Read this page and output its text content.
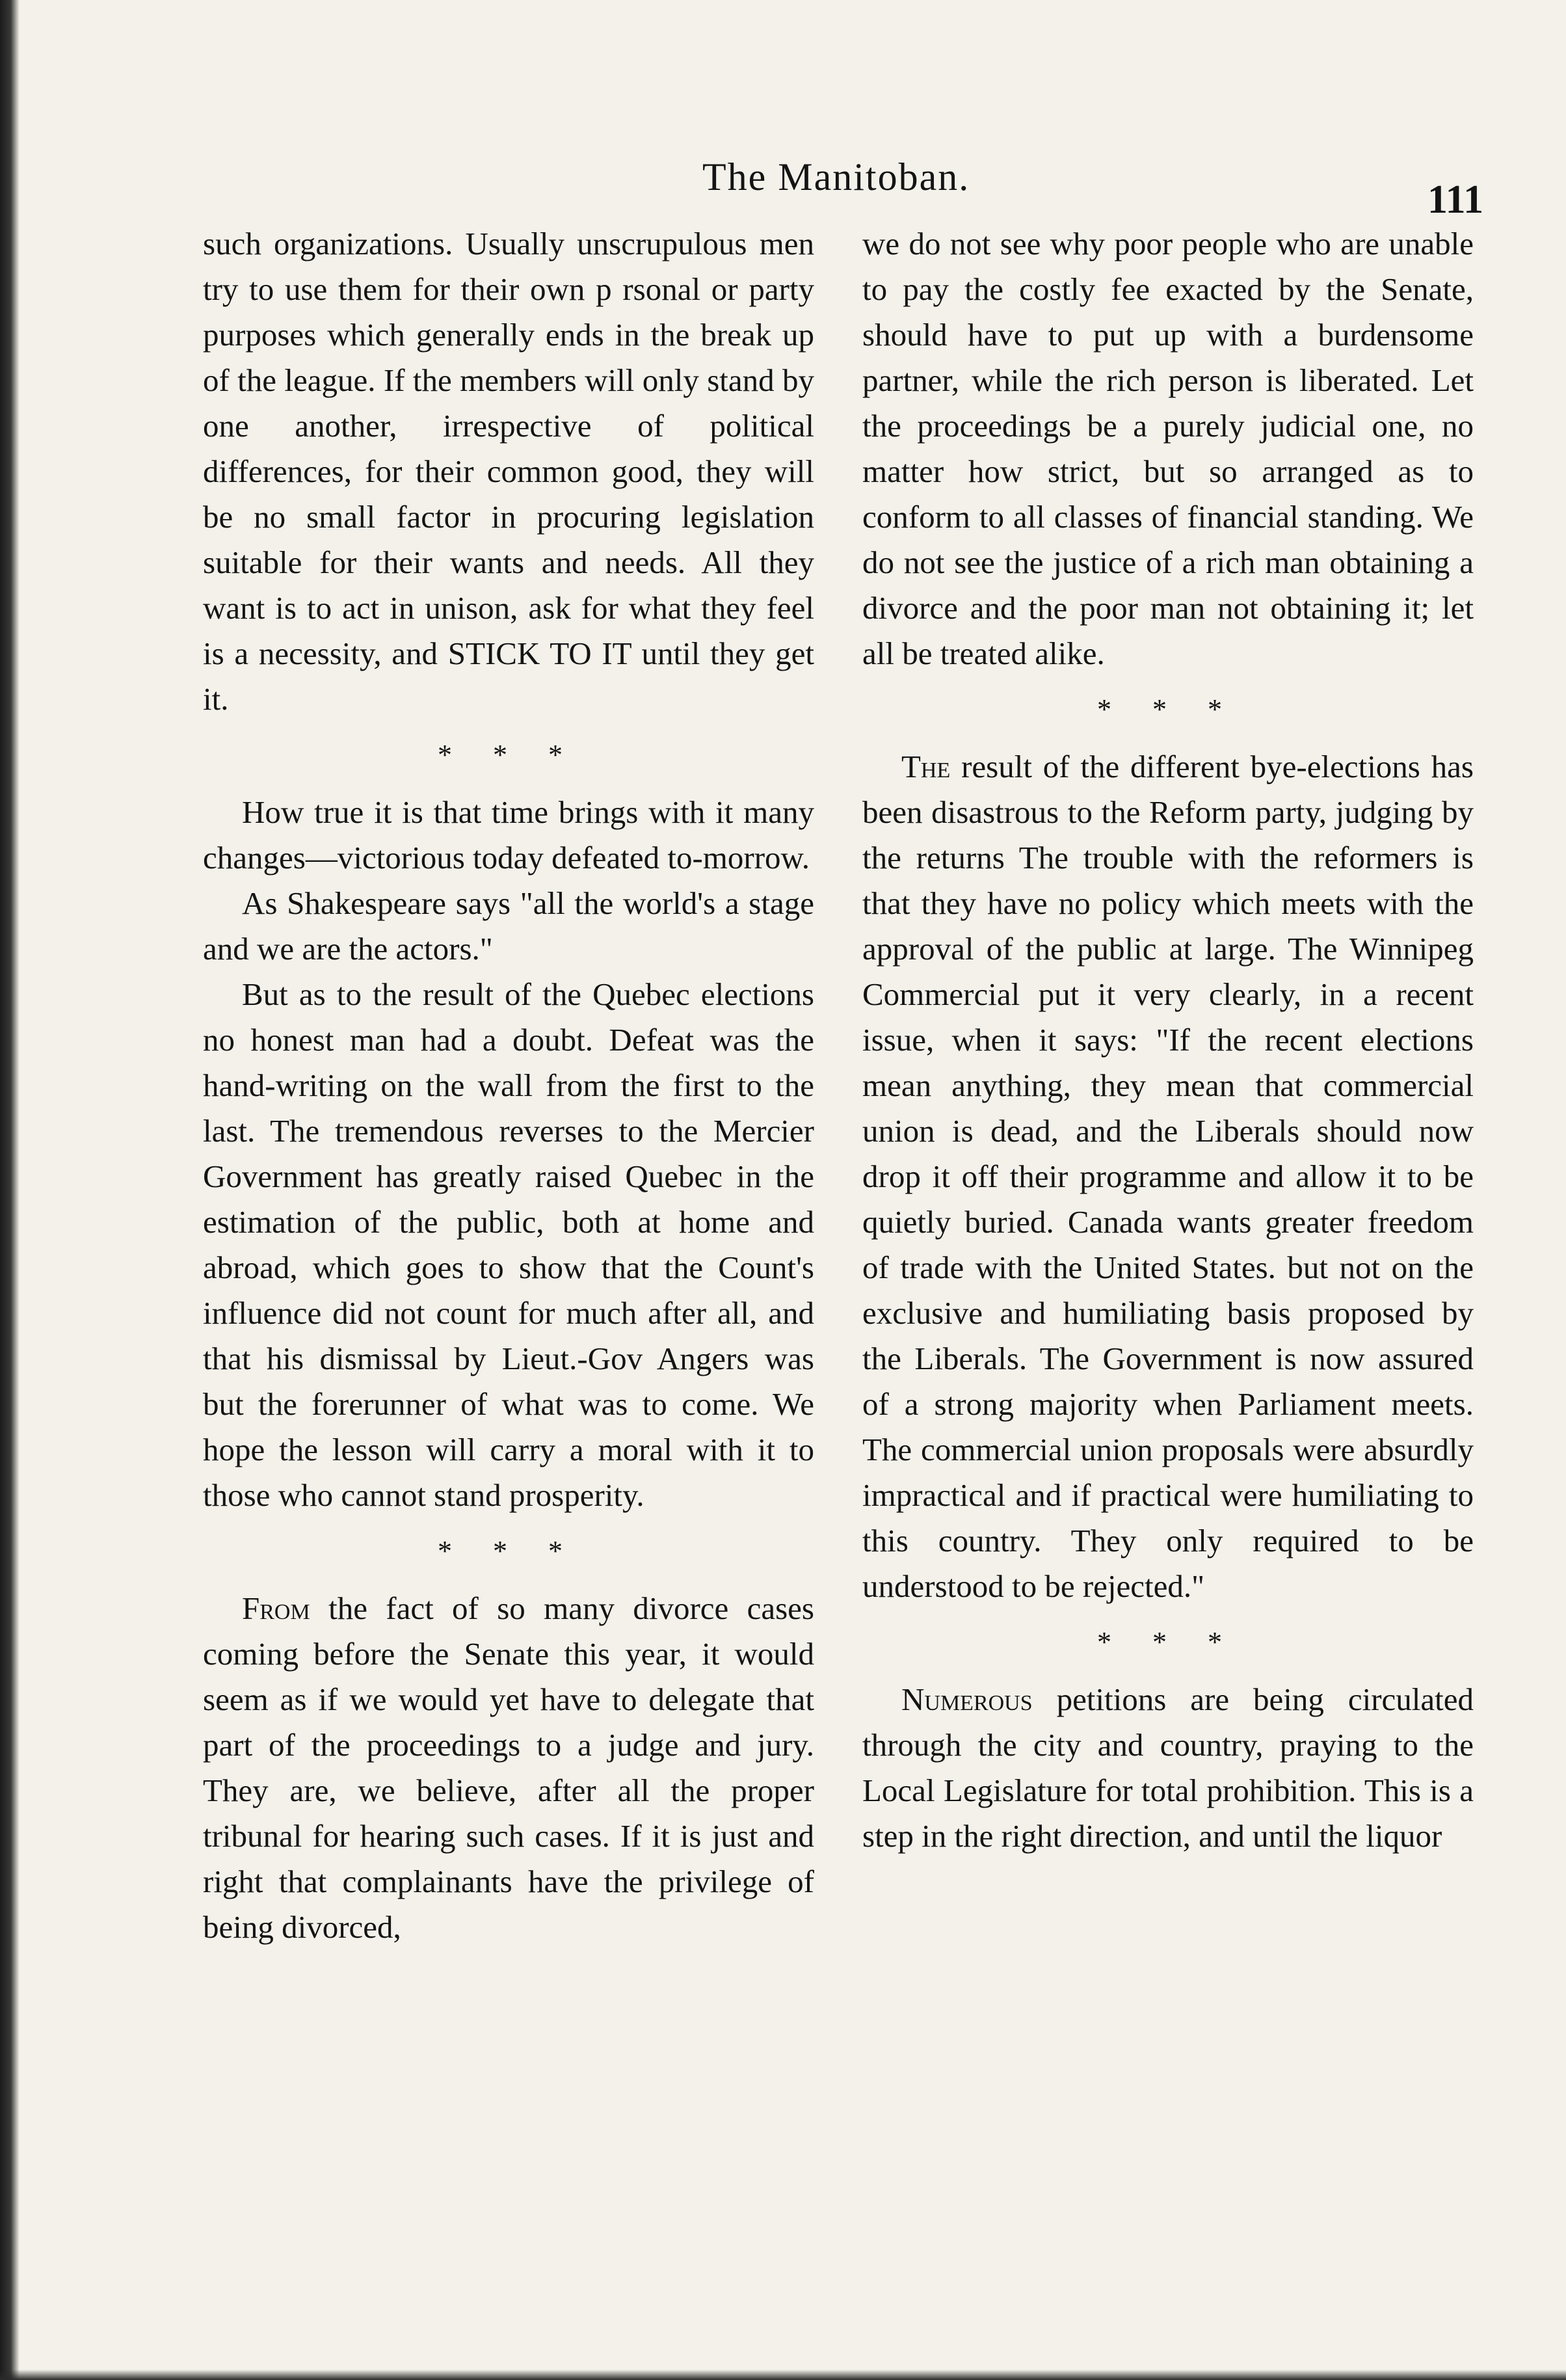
The Manitoban.
111

such organizations. Usually unscrupulous men try to use them for their own p rsonal or party purposes which generally ends in the break up of the league. If the members will only stand by one another, irrespective of political differences, for their common good, they will be no small factor in procuring legislation suitable for their wants and needs. All they want is to act in unison, ask for what they feel is a necessity, and STICK TO IT until they get it.

* * *

How true it is that time brings with it many changes—victorious today defeated to-morrow.

As Shakespeare says "all the world's a stage and we are the actors."

But as to the result of the Quebec elections no honest man had a doubt. Defeat was the hand-writing on the wall from the first to the last. The tremendous reverses to the Mercier Government has greatly raised Quebec in the estimation of the public, both at home and abroad, which goes to show that the Count's influence did not count for much after all, and that his dismissal by Lieut.-Gov Angers was but the forerunner of what was to come. We hope the lesson will carry a moral with it to those who cannot stand prosperity.

* * *

From the fact of so many divorce cases coming before the Senate this year, it would seem as if we would yet have to delegate that part of the proceedings to a judge and jury. They are, we believe, after all the proper tribunal for hearing such cases. If it is just and right that complainants have the privilege of being divorced,

we do not see why poor people who are unable to pay the costly fee exacted by the Senate, should have to put up with a burdensome partner, while the rich person is liberated. Let the proceedings be a purely judicial one, no matter how strict, but so arranged as to conform to all classes of financial standing. We do not see the justice of a rich man obtaining a divorce and the poor man not obtaining it; let all be treated alike.

* * *

The result of the different bye-elections has been disastrous to the Reform party, judging by the returns The trouble with the reformers is that they have no policy which meets with the approval of the public at large. The Winnipeg Commercial put it very clearly, in a recent issue, when it says: "If the recent elections mean anything, they mean that commercial union is dead, and the Liberals should now drop it off their programme and allow it to be quietly buried. Canada wants greater freedom of trade with the United States. but not on the exclusive and humiliating basis proposed by the Liberals. The Government is now assured of a strong majority when Parliament meets. The commercial union proposals were absurdly impractical and if practical were humiliating to this country. They only required to be understood to be rejected."

* * *

Numerous petitions are being circulated through the city and country, praying to the Local Legislature for total prohibition. This is a step in the right direction, and until the liquor
